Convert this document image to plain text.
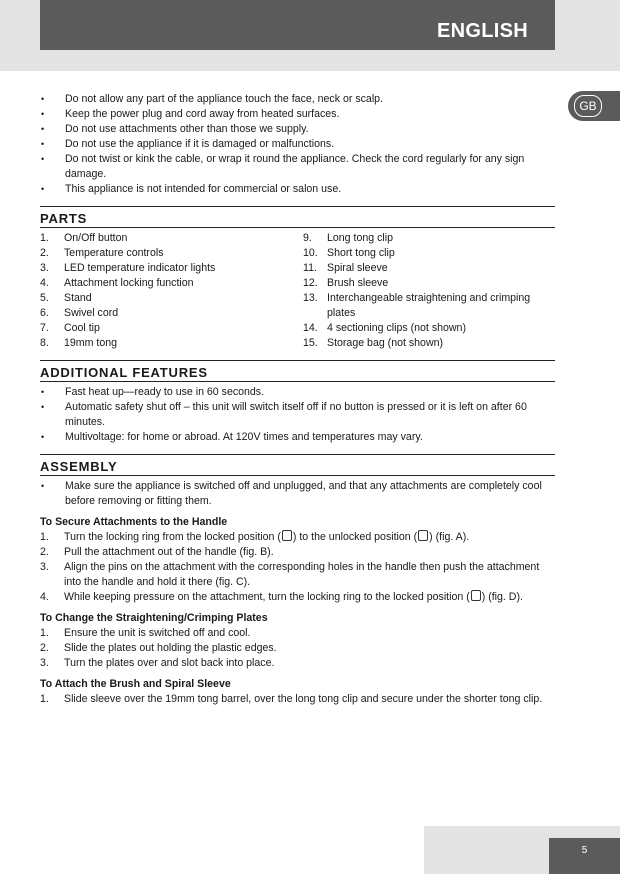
ENGLISH
GB
• Do not allow any part of the appliance touch the face, neck or scalp.
• Keep the power plug and cord away from heated surfaces.
• Do not use attachments other than those we supply.
• Do not use the appliance if it is damaged or malfunctions.
• Do not twist or kink the cable, or wrap it round the appliance. Check the cord regularly for any sign damage.
• This appliance is not intended for commercial or salon use.
PARTS
1. On/Off button
2. Temperature controls
3. LED temperature indicator lights
4. Attachment locking function
5. Stand
6. Swivel cord
7. Cool tip
8. 19mm tong
9. Long tong clip
10. Short tong clip
11. Spiral sleeve
12. Brush sleeve
13. Interchangeable straightening and crimping plates
14. 4 sectioning clips (not shown)
15. Storage bag (not shown)
ADDITIONAL FEATURES
• Fast heat up—ready to use in 60 seconds.
• Automatic safety shut off – this unit will switch itself off if no button is pressed or it is left on after 60 minutes.
• Multivoltage: for home or abroad. At 120V times and temperatures may vary.
ASSEMBLY
• Make sure the appliance is switched off and unplugged, and that any attachments are completely cool before removing or fitting them.
To Secure Attachments to the Handle
1. Turn the locking ring from the locked position ( ) to the unlocked position ( ) (fig. A).
2. Pull the attachment out of the handle (fig. B).
3. Align the pins on the attachment with the corresponding holes in the handle then push the attachment into the handle and hold it there (fig. C).
4. While keeping pressure on the attachment, turn the locking ring to the locked position ( ) (fig. D).
To Change the Straightening/Crimping Plates
1. Ensure the unit is switched off and cool.
2. Slide the plates out holding the plastic edges.
3. Turn the plates over and slot back into place.
To Attach the Brush and Spiral Sleeve
1. Slide sleeve over the 19mm tong barrel, over the long tong clip and secure under the shorter tong clip.
5
